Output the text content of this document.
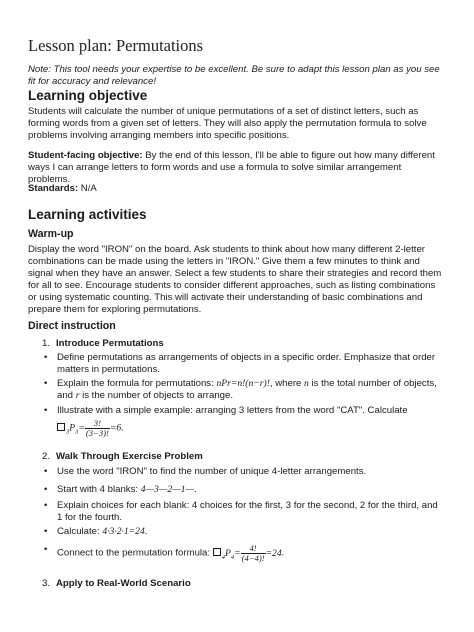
Lesson plan: Permutations

Note: This tool needs your expertise to be excellent. Be sure to adapt this lesson plan as you see fit for accuracy and relevance!

Learning objective

Students will calculate the number of unique permutations of a set of distinct letters, such as forming words from a given set of letters. They will also apply the permutation formula to solve problems involving arranging members into specific positions.

Student-facing objective: By the end of this lesson, I'll be able to figure out how many different ways I can arrange letters to form words and use a formula to solve similar arrangement problems.

Standards: N/A

Learning activities
Warm-up

Display the word "IRON" on the board. Ask students to think about how many different 2-letter combinations can be made using the letters in "IRON." Give them a few minutes to think and signal when they have an answer. Select a few students to share their strategies and record them for all to see. Encourage students to consider different approaches, such as listing combinations or using systematic counting. This will activate their understanding of basic combinations and prepare them for exploring permutations.

Direct instruction
1. Introduce Permutations
• Define permutations as arrangements of objects in a specific order. Emphasize that order matters in permutations.
• Explain the formula for permutations: nPr=n!(n−r)!, where n is the total number of objects, and r is the number of objects to arrange.
• Illustrate with a simple example: arranging 3 letters from the word "CAT". Calculate
$_3P_3= \frac{3!}{(3-3)!} =6$.
2. Walk Through Exercise Problem
• Use the word "IRON" to find the number of unique 4-letter arrangements.
• Start with 4 blanks: 4—3—2—1—.
• Explain choices for each blank: 4 choices for the first, 3 for the second, 2 for the third, and 1 for the fourth.
• Calculate: 4·3·2·1=24.
• Connect to the permutation formula: $_4P_4= \frac{4!}{(4-4)!} =24$.
3. Apply to Real-World Scenario
